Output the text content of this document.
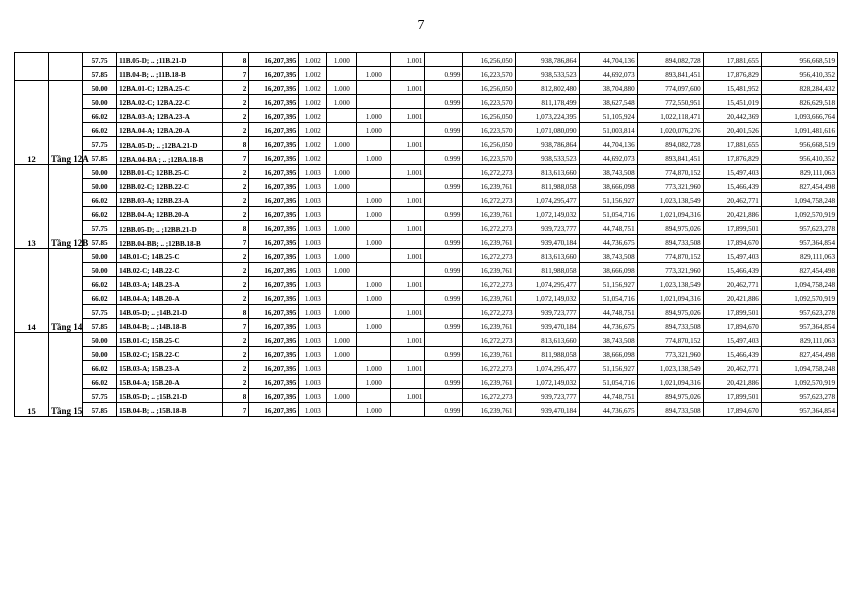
7
		57.75	11B.05-D; .. ;11B.21-D	8	16,207,395	1.002	1.000		1.001		16,256,050	938,786,864	44,704,136	894,082,728	17,881,655	956,668,519
		57.85	11B.04-B; .. ;11B.18-B	7	16,207,395	1.002		1.000		0.999	16,223,570	938,533,523	44,692,073	893,841,451	17,876,829	956,410,352
12	Tầng 12A	50.00	12BA.01-C; 12BA.25-C	2	16,207,395	1.002	1.000		1.001		16,256,050	812,802,480	38,704,880	774,097,600	15,481,952	828,284,432
		50.00	12BA.02-C; 12BA.22-C	2	16,207,395	1.002	1.000			0.999	16,223,570	811,178,499	38,627,548	772,550,951	15,451,019	826,629,518
		66.02	12BA.03-A; 12BA.23-A	2	16,207,395	1.002		1.000	1.001		16,256,050	1,073,224,395	51,105,924	1,022,118,471	20,442,369	1,093,666,764
		66.02	12BA.04-A; 12BA.20-A	2	16,207,395	1.002		1.000		0.999	16,223,570	1,071,080,090	51,003,814	1,020,076,276	20,401,526	1,091,481,616
		57.75	12BA.05-D; .. ;12BA.21-D	8	16,207,395	1.002	1.000		1.001		16,256,050	938,786,864	44,704,136	894,082,728	17,881,655	956,668,519
		57.85	12BA.04-BA ; .. ;12BA.18-B	7	16,207,395	1.002		1.000		0.999	16,223,570	938,533,523	44,692,073	893,841,451	17,876,829	956,410,352
13	Tầng 12B	50.00	12BB.01-C; 12BB.25-C	2	16,207,395	1.003	1.000		1.001		16,272,273	813,613,660	38,743,508	774,870,152	15,497,403	829,111,063
		50.00	12BB.02-C; 12BB.22-C	2	16,207,395	1.003	1.000			0.999	16,239,761	811,988,058	38,666,098	773,321,960	15,466,439	827,454,498
		66.02	12BB.03-A; 12BB.23-A	2	16,207,395	1.003		1.000	1.001		16,272,273	1,074,295,477	51,156,927	1,023,138,549	20,462,771	1,094,758,248
		66.02	12BB.04-A; 12BB.20-A	2	16,207,395	1.003		1.000		0.999	16,239,761	1,072,149,032	51,054,716	1,021,094,316	20,421,886	1,092,570,919
		57.75	12BB.05-D; .. ;12BB.21-D	8	16,207,395	1.003	1.000		1.001		16,272,273	939,723,777	44,748,751	894,975,026	17,899,501	957,623,278
		57.85	12BB.04-BB; .. ;12BB.18-B	7	16,207,395	1.003		1.000		0.999	16,239,761	939,470,184	44,736,675	894,733,508	17,894,670	957,364,854
14	Tầng 14	50.00	14B.01-C; 14B.25-C	2	16,207,395	1.003	1.000		1.001		16,272,273	813,613,660	38,743,508	774,870,152	15,497,403	829,111,063
		50.00	14B.02-C; 14B.22-C	2	16,207,395	1.003	1.000			0.999	16,239,761	811,988,058	38,666,098	773,321,960	15,466,439	827,454,498
		66.02	14B.03-A; 14B.23-A	2	16,207,395	1.003		1.000	1.001		16,272,273	1,074,295,477	51,156,927	1,023,138,549	20,462,771	1,094,758,248
		66.02	14B.04-A; 14B.20-A	2	16,207,395	1.003		1.000		0.999	16,239,761	1,072,149,032	51,054,716	1,021,094,316	20,421,886	1,092,570,919
		57.75	14B.05-D; .. ;14B.21-D	8	16,207,395	1.003	1.000		1.001		16,272,273	939,723,777	44,748,751	894,975,026	17,899,501	957,623,278
		57.85	14B.04-B; .. ;14B.18-B	7	16,207,395	1.003		1.000		0.999	16,239,761	939,470,184	44,736,675	894,733,508	17,894,670	957,364,854
15	Tầng 15	50.00	15B.01-C; 15B.25-C	2	16,207,395	1.003	1.000		1.001		16,272,273	813,613,660	38,743,508	774,870,152	15,497,403	829,111,063
		50.00	15B.02-C; 15B.22-C	2	16,207,395	1.003	1.000			0.999	16,239,761	811,988,058	38,666,098	773,321,960	15,466,439	827,454,498
		66.02	15B.03-A; 15B.23-A	2	16,207,395	1.003		1.000	1.001		16,272,273	1,074,295,477	51,156,927	1,023,138,549	20,462,771	1,094,758,248
		66.02	15B.04-A; 15B.20-A	2	16,207,395	1.003		1.000		0.999	16,239,761	1,072,149,032	51,054,716	1,021,094,316	20,421,886	1,092,570,919
		57.75	15B.05-D; .. ;15B.21-D	8	16,207,395	1.003	1.000		1.001		16,272,273	939,723,777	44,748,751	894,975,026	17,899,501	957,623,278
		57.85	15B.04-B; .. ;15B.18-B	7	16,207,395	1.003		1.000		0.999	16,239,761	939,470,184	44,736,675	894,733,508	17,894,670	957,364,854
